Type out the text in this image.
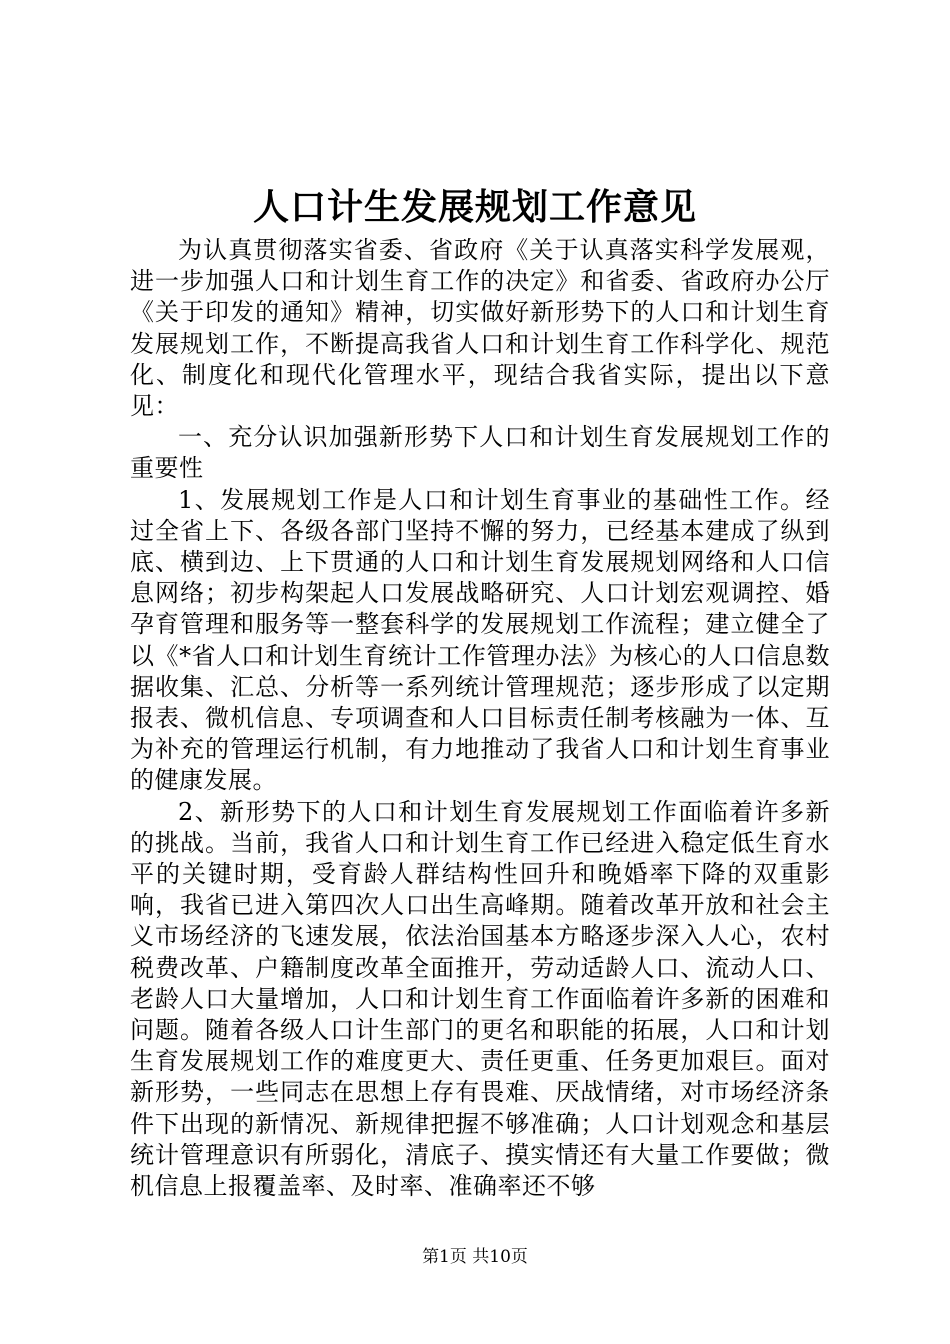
人口计生发展规划工作意见

为认真贯彻落实省委、省政府《关于认真落实科学发展观，进一步加强人口和计划生育工作的决定》和省委、省政府办公厅《关于印发的通知》精神，切实做好新形势下的人口和计划生育发展规划工作，不断提高我省人口和计划生育工作科学化、规范化、制度化和现代化管理水平，现结合我省实际，提出以下意见：

一、充分认识加强新形势下人口和计划生育发展规划工作的重要性

1、发展规划工作是人口和计划生育事业的基础性工作。经过全省上下、各级各部门坚持不懈的努力，已经基本建成了纵到底、横到边、上下贯通的人口和计划生育发展规划网络和人口信息网络；初步构架起人口发展战略研究、人口计划宏观调控、婚孕育管理和服务等一整套科学的发展规划工作流程；建立健全了以《*省人口和计划生育统计工作管理办法》为核心的人口信息数据收集、汇总、分析等一系列统计管理规范；逐步形成了以定期报表、微机信息、专项调查和人口目标责任制考核融为一体、互为补充的管理运行机制，有力地推动了我省人口和计划生育事业的健康发展。

2、新形势下的人口和计划生育发展规划工作面临着许多新的挑战。当前，我省人口和计划生育工作已经进入稳定低生育水平的关键时期，受育龄人群结构性回升和晚婚率下降的双重影响，我省已进入第四次人口出生高峰期。随着改革开放和社会主义市场经济的飞速发展，依法治国基本方略逐步深入人心，农村税费改革、户籍制度改革全面推开，劳动适龄人口、流动人口、老龄人口大量增加，人口和计划生育工作面临着许多新的困难和问题。随着各级人口计生部门的更名和职能的拓展，人口和计划生育发展规划工作的难度更大、责任更重、任务更加艰巨。面对新形势，一些同志在思想上存有畏难、厌战情绪，对市场经济条件下出现的新情况、新规律把握不够准确；人口计划观念和基层统计管理意识有所弱化，清底子、摸实情还有大量工作要做；微机信息上报覆盖率、及时率、准确率还不够

第1页 共10页
